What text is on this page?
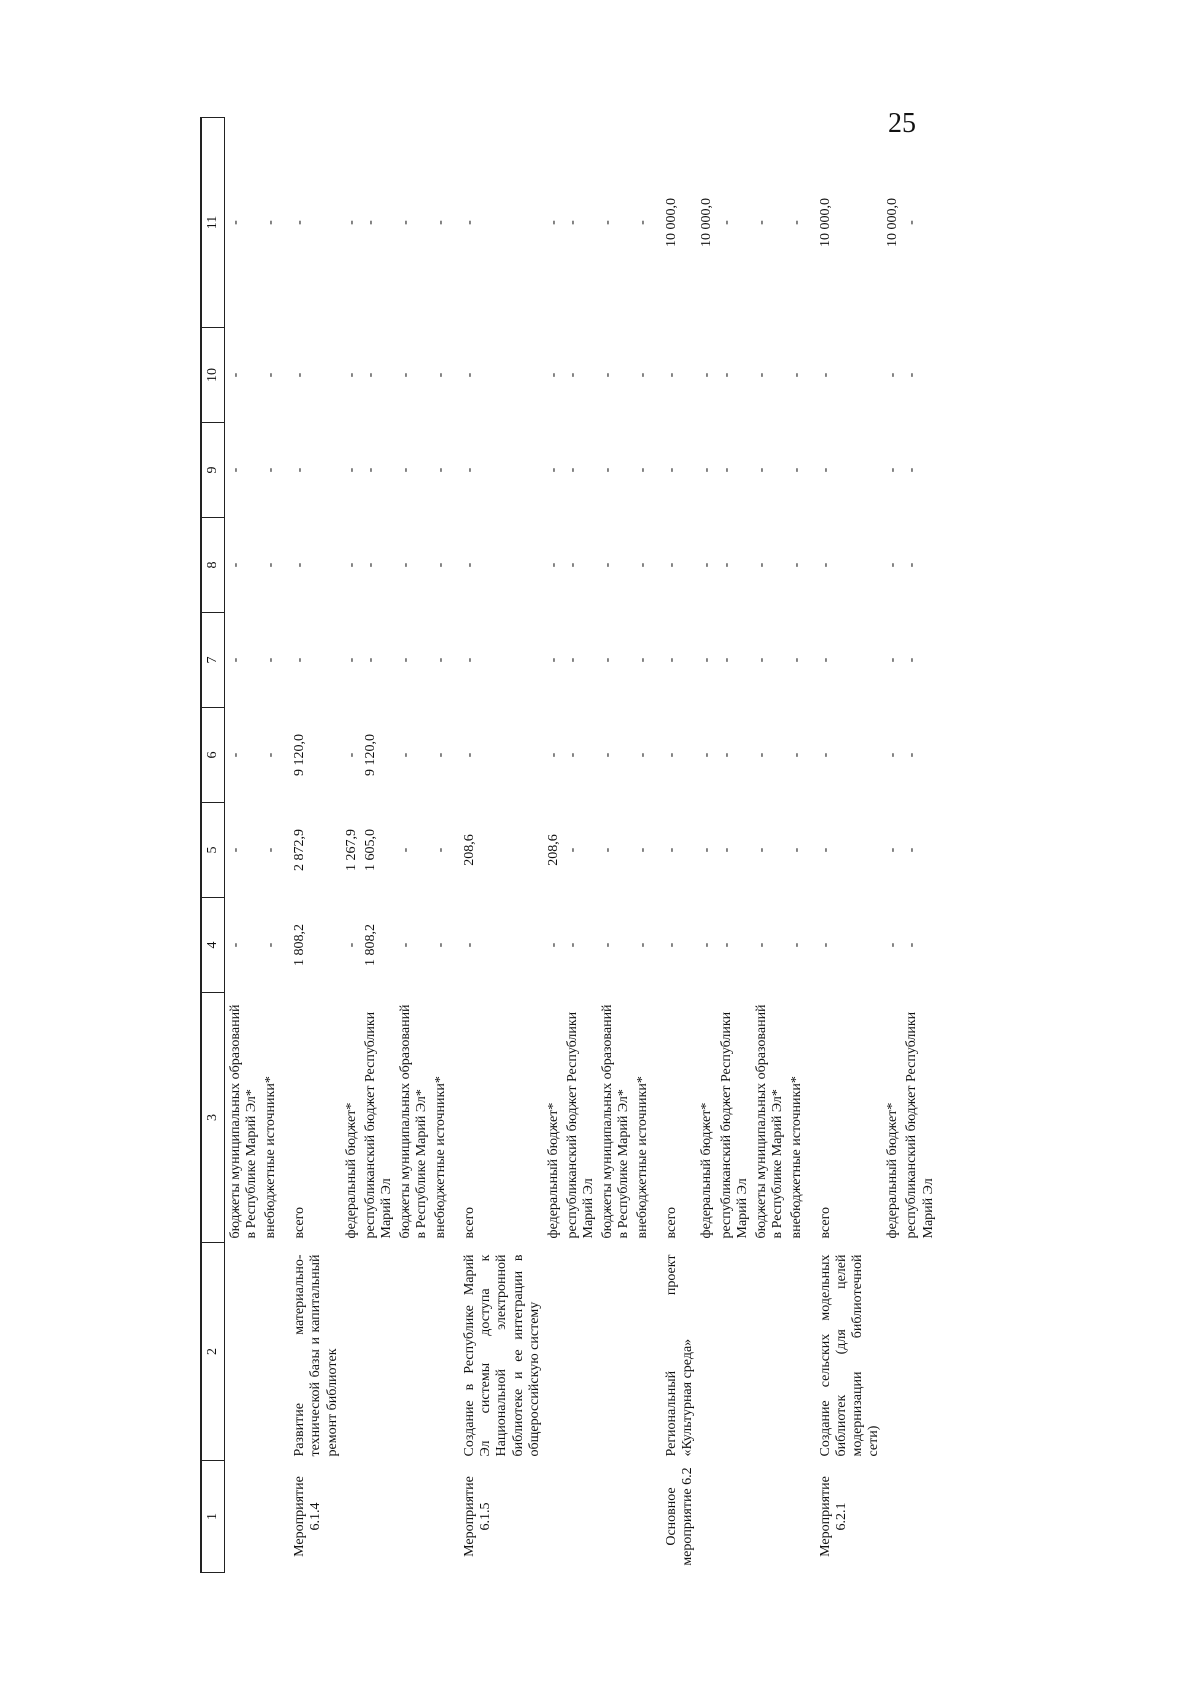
25
1	2	3	4	5	6	7	8	9	10	11
		бюджеты муниципальных образований в Республике Марий Эл*	-	-	-	-	-	-	-	-
		внебюджетные источники*	-	-	-	-	-	-	-	-
Мероприятие 6.1.4	Развитие материально-технической базы и капитальный ремонт библиотек	всего	1 808,2	2 872,9	9 120,0	-	-	-	-	-
		федеральный бюджет*	-	1 267,9	-	-	-	-	-	-
		республиканский бюджет Республики Марий Эл	1 808,2	1 605,0	9 120,0	-	-	-	-	-
		бюджеты муниципальных образований в Республике Марий Эл*	-	-	-	-	-	-	-	-
		внебюджетные источники*	-	-	-	-	-	-	-	-
Мероприятие 6.1.5	Создание в Республике Марий Эл системы доступа к Национальной электронной библиотеке и ее интеграции в общероссийскую систему	всего	-	208,6	-	-	-	-	-	-
		федеральный бюджет*	-	208,6	-	-	-	-	-	-
		республиканский бюджет Республики Марий Эл	-	-	-	-	-	-	-	-
		бюджеты муниципальных образований в Республике Марий Эл*	-	-	-	-	-	-	-	-
		внебюджетные источники*	-	-	-	-	-	-	-	-
Основное мероприятие 6.2	Региональный проект «Культурная среда»	всего	-	-	-	-	-	-	-	10 000,0
		федеральный бюджет*	-	-	-	-	-	-	-	10 000,0
		республиканский бюджет Республики Марий Эл	-	-	-	-	-	-	-	-
		бюджеты муниципальных образований в Республике Марий Эл*	-	-	-	-	-	-	-	-
		внебюджетные источники*	-	-	-	-	-	-	-	-
Мероприятие 6.2.1	Создание сельских модельных библиотек (для целей модернизации библиотечной сети)	всего	-	-	-	-	-	-	-	10 000,0
		федеральный бюджет*	-	-	-	-	-	-	-	10 000,0
		республиканский бюджет Республики Марий Эл	-	-	-	-	-	-	-	-
